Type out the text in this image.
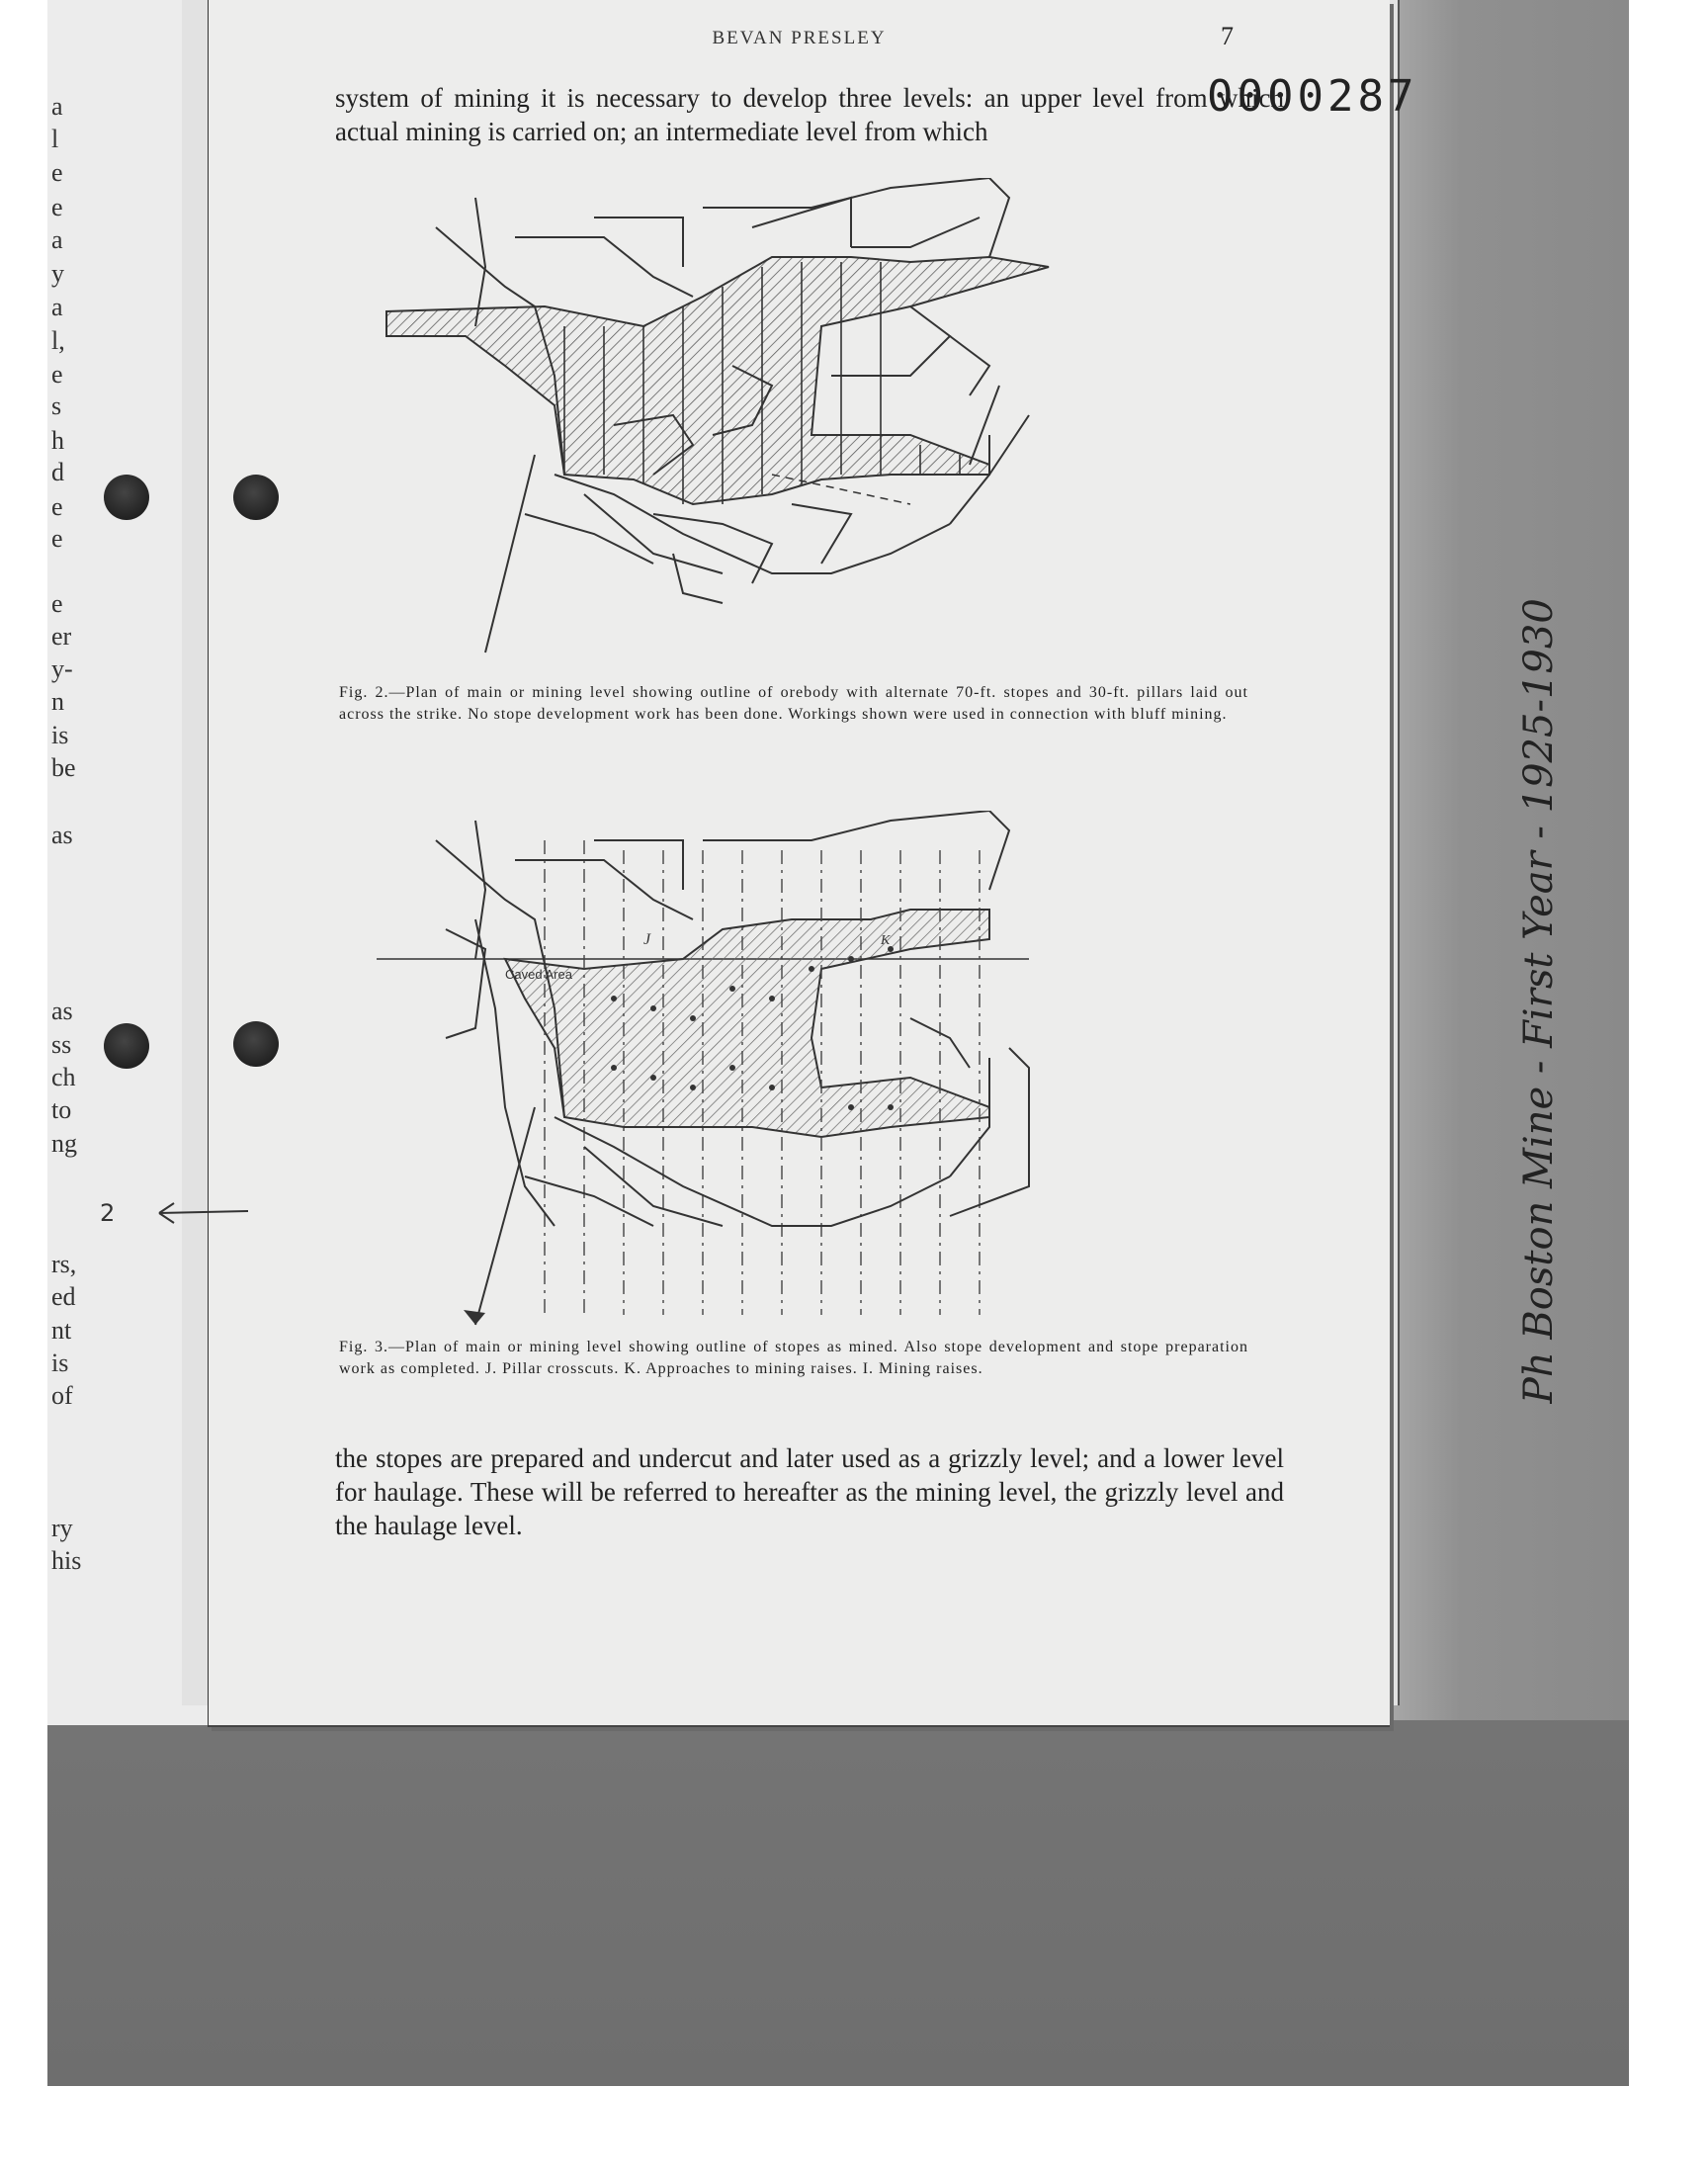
a
l
e
e
a
y
a
l,
e
s
h
d
e
e
e
er
y-
n
is
be
as
as
ss
ch
to
ng
rs,
ed
nt
is
of
ry
his
BEVAN PRESLEY	7
0000287
system of mining it is necessary to develop three levels: an upper level from which actual mining is carried on; an intermediate level from which
Fig. 2.—Plan of main or mining level showing outline of orebody with alternate 70-ft. stopes and 30-ft. pillars laid out across the strike. No stope development work has been done. Workings shown were used in connection with bluff mining.
Caved Area
J	K
Fig. 3.—Plan of main or mining level showing outline of stopes as mined. Also stope development and stope preparation work as completed. J. Pillar crosscuts. K. Approaches to mining raises. I. Mining raises.
2
the stopes are prepared and undercut and later used as a grizzly level; and a lower level for haulage. These will be referred to hereafter as the mining level, the grizzly level and the haulage level.
Ph Boston Mine - First Year - 1925-1930
